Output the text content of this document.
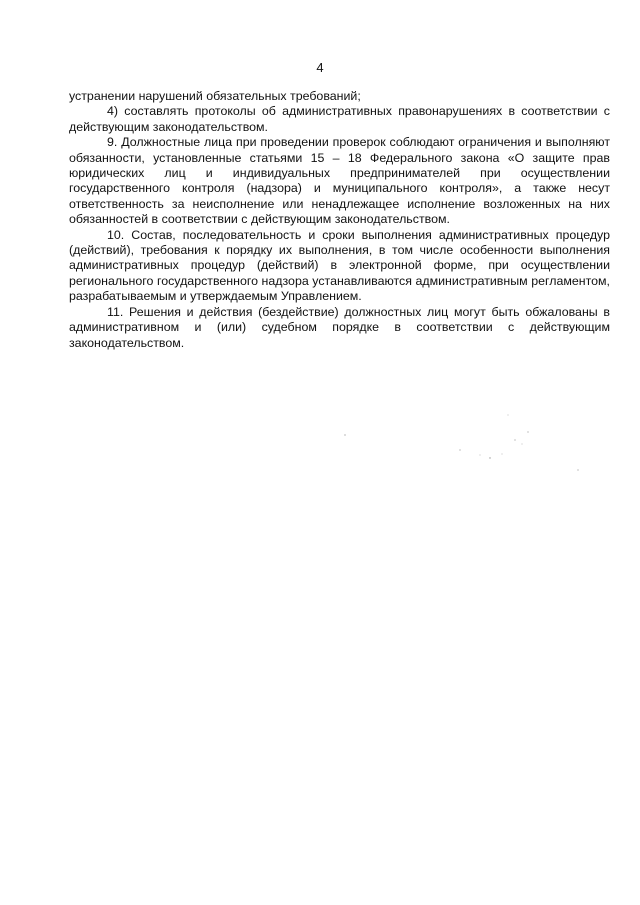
4

устранении нарушений обязательных требований;

4) составлять протоколы об административных правонарушениях в соответствии с действующим законодательством.

9. Должностные лица при проведении проверок соблюдают ограничения и выполняют обязанности, установленные статьями 15 – 18 Федерального закона «О защите прав юридических лиц и индивидуальных предпринимателей при осуществлении государственного контроля (надзора) и муниципального контроля», а также несут ответственность за неисполнение или ненадлежащее исполнение возложенных на них обязанностей в соответствии с действующим законодательством.

10. Состав, последовательность и сроки выполнения административных процедур (действий), требования к порядку их выполнения, в том числе особенности выполнения административных процедур (действий) в электронной форме, при осуществлении регионального государственного надзора устанавливаются административным регламентом, разрабатываемым и утверждаемым Управлением.

11. Решения и действия (бездействие) должностных лиц могут быть обжалованы в административном и (или) судебном порядке в соответствии с действующим законодательством.
